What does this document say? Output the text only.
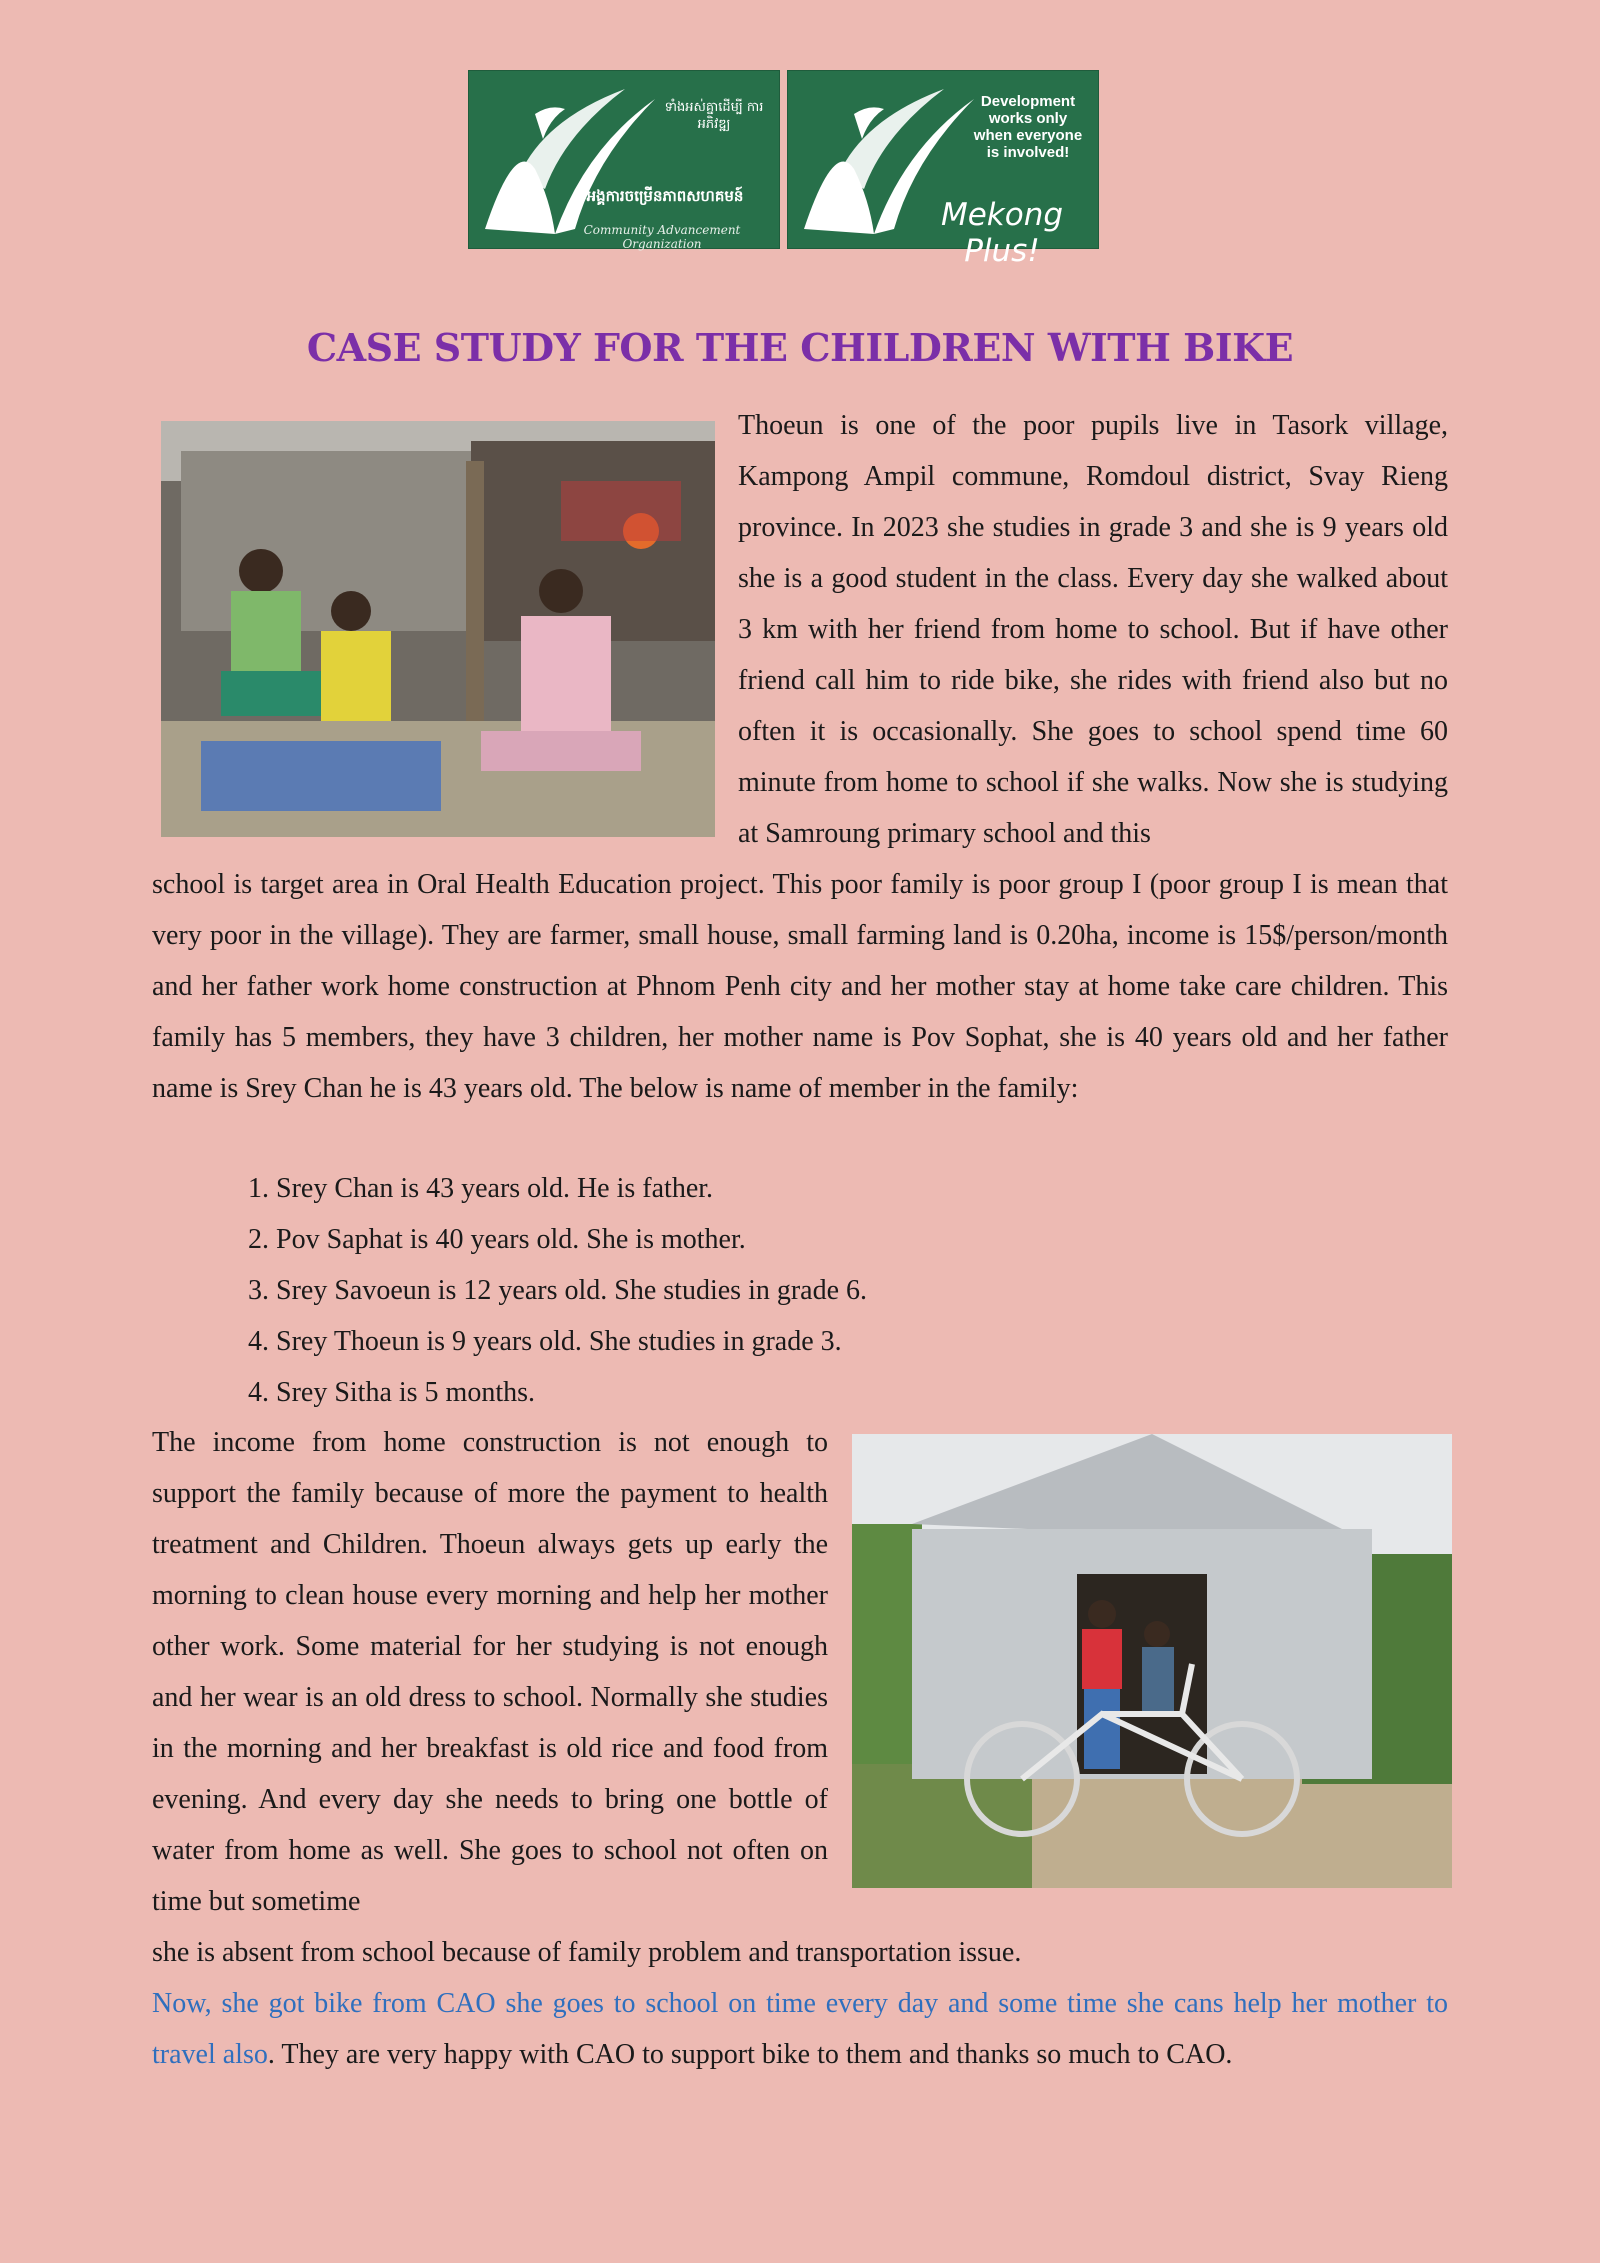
ទាំងអស់គ្នាដើម្បី ការអភិវឌ្ឍ
អង្គការចម្រើនភាពសហគមន៍
Community Advancement Organization
Development works only when everyone is involved!
Mekong Plus!
CASE STUDY FOR THE CHILDREN WITH BIKE
Thoeun is one of the poor pupils live in Tasork village, Kampong Ampil commune, Romdoul district, Svay Rieng province. In 2023 she studies in grade 3 and she is 9 years old she is a good student in the class. Every day she walked about 3 km with her friend from home to school. But if have other friend call him to ride bike, she rides with friend also but no often it is occasionally. She goes to school spend time 60 minute from home to school if she walks. Now she is studying at Samroung primary school and this
school is target area in Oral Health Education project. This poor family is poor group I (poor group I is mean that very poor in the village). They are farmer, small house, small farming land is 0.20ha, income is 15$/person/month and her father work home construction at Phnom Penh city and her mother stay at home take care children. This family has 5 members, they have 3 children, her mother name is Pov Sophat, she is 40 years old and her father name is Srey Chan he is 43 years old. The below is name of member in the family:
1. Srey Chan is 43 years old. He is father.
2. Pov Saphat is 40 years old. She is mother.
3. Srey Savoeun is 12 years old. She studies in grade 6.
4. Srey Thoeun is 9 years old. She studies in grade 3.
4. Srey Sitha is 5 months.
The income from home construction is not enough to support the family because of more the payment to health treatment and Children. Thoeun always gets up early the morning to clean house every morning and help her mother other work. Some material for her studying is not enough and her wear is an old dress to school. Normally she studies in the morning and her breakfast is old rice and food from evening. And every day she needs to bring one bottle of water from home as well. She goes to school not often on time but sometime
she is absent from school because of family problem and transportation issue.
Now, she got bike from CAO she goes to school on time every day and some time she cans help her mother to travel also. They are very happy with CAO to support bike to them and thanks so much to CAO.
